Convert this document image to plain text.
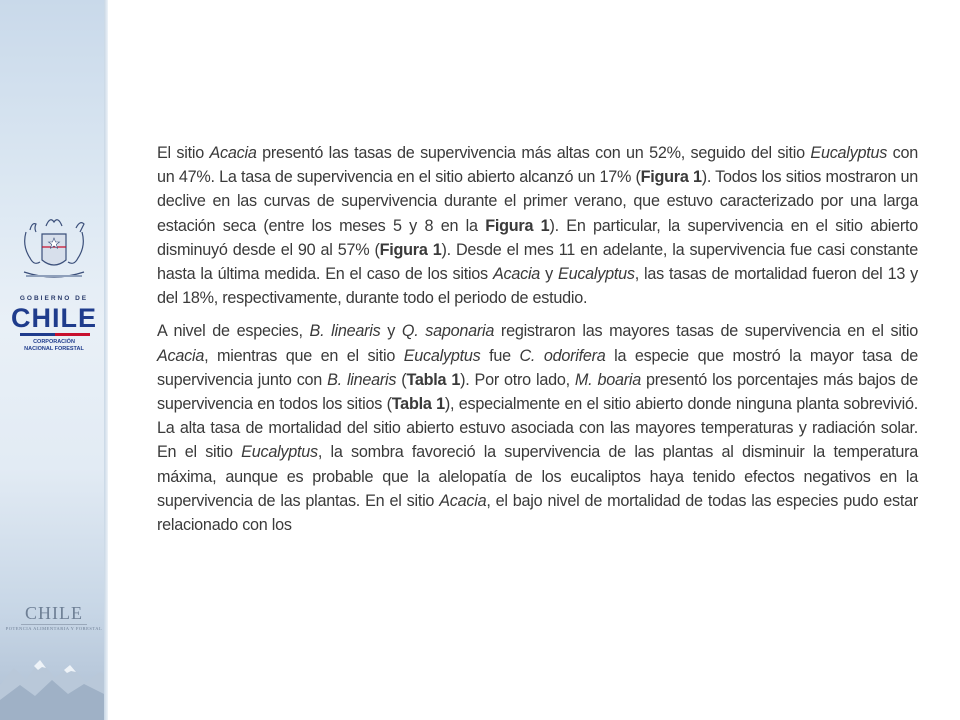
GOBIERNO DE
CHILE
CORPORACIÓN
NACIONAL FORESTAL
CHILE
POTENCIA ALIMENTARIA Y FORESTAL

El sitio Acacia presentó las tasas de supervivencia más altas con un 52%, seguido del sitio Eucalyptus con un 47%. La tasa de supervivencia en el sitio abierto alcanzó un 17% (Figura 1). Todos los sitios mostraron un declive en las curvas de supervivencia durante el primer verano, que estuvo caracterizado por una larga estación seca (entre los meses 5 y 8 en la Figura 1). En particular, la supervivencia en el sitio abierto disminuyó desde el 90 al 57% (Figura 1). Desde el mes 11 en adelante, la supervivencia fue casi constante hasta la última medida. En el caso de los sitios Acacia y Eucalyptus, las tasas de mortalidad fueron del 13 y del 18%, respectivamente, durante todo el periodo de estudio.

A nivel de especies, B. linearis y Q. saponaria registraron las mayores tasas de supervivencia en el sitio Acacia, mientras que en el sitio Eucalyptus fue C. odorifera la especie que mostró la mayor tasa de supervivencia junto con B. linearis (Tabla 1). Por otro lado, M. boaria presentó los porcentajes más bajos de supervivencia en todos los sitios (Tabla 1), especialmente en el sitio abierto donde ninguna planta sobrevivió. La alta tasa de mortalidad del sitio abierto estuvo asociada con las mayores temperaturas y radiación solar. En el sitio Eucalyptus, la sombra favoreció la supervivencia de las plantas al disminuir la temperatura máxima, aunque es probable que la alelopatía de los eucaliptos haya tenido efectos negativos en la supervivencia de las plantas. En el sitio Acacia, el bajo nivel de mortalidad de todas las especies pudo estar relacionado con los
